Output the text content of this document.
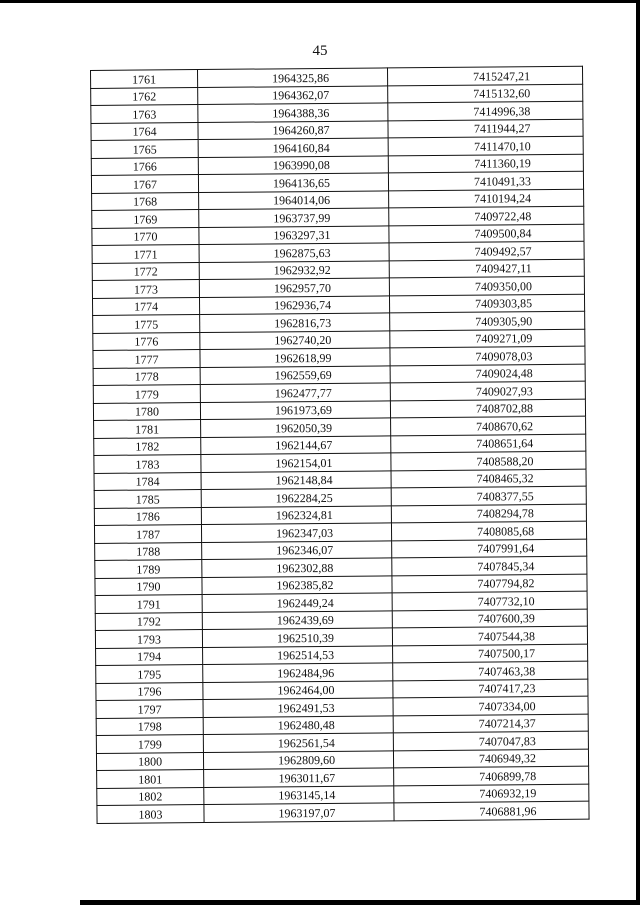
45
1761	1964325,86	7415247,21
1762	1964362,07	7415132,60
1763	1964388,36	7414996,38
1764	1964260,87	7411944,27
1765	1964160,84	7411470,10
1766	1963990,08	7411360,19
1767	1964136,65	7410491,33
1768	1964014,06	7410194,24
1769	1963737,99	7409722,48
1770	1963297,31	7409500,84
1771	1962875,63	7409492,57
1772	1962932,92	7409427,11
1773	1962957,70	7409350,00
1774	1962936,74	7409303,85
1775	1962816,73	7409305,90
1776	1962740,20	7409271,09
1777	1962618,99	7409078,03
1778	1962559,69	7409024,48
1779	1962477,77	7409027,93
1780	1961973,69	7408702,88
1781	1962050,39	7408670,62
1782	1962144,67	7408651,64
1783	1962154,01	7408588,20
1784	1962148,84	7408465,32
1785	1962284,25	7408377,55
1786	1962324,81	7408294,78
1787	1962347,03	7408085,68
1788	1962346,07	7407991,64
1789	1962302,88	7407845,34
1790	1962385,82	7407794,82
1791	1962449,24	7407732,10
1792	1962439,69	7407600,39
1793	1962510,39	7407544,38
1794	1962514,53	7407500,17
1795	1962484,96	7407463,38
1796	1962464,00	7407417,23
1797	1962491,53	7407334,00
1798	1962480,48	7407214,37
1799	1962561,54	7407047,83
1800	1962809,60	7406949,32
1801	1963011,67	7406899,78
1802	1963145,14	7406932,19
1803	1963197,07	7406881,96
